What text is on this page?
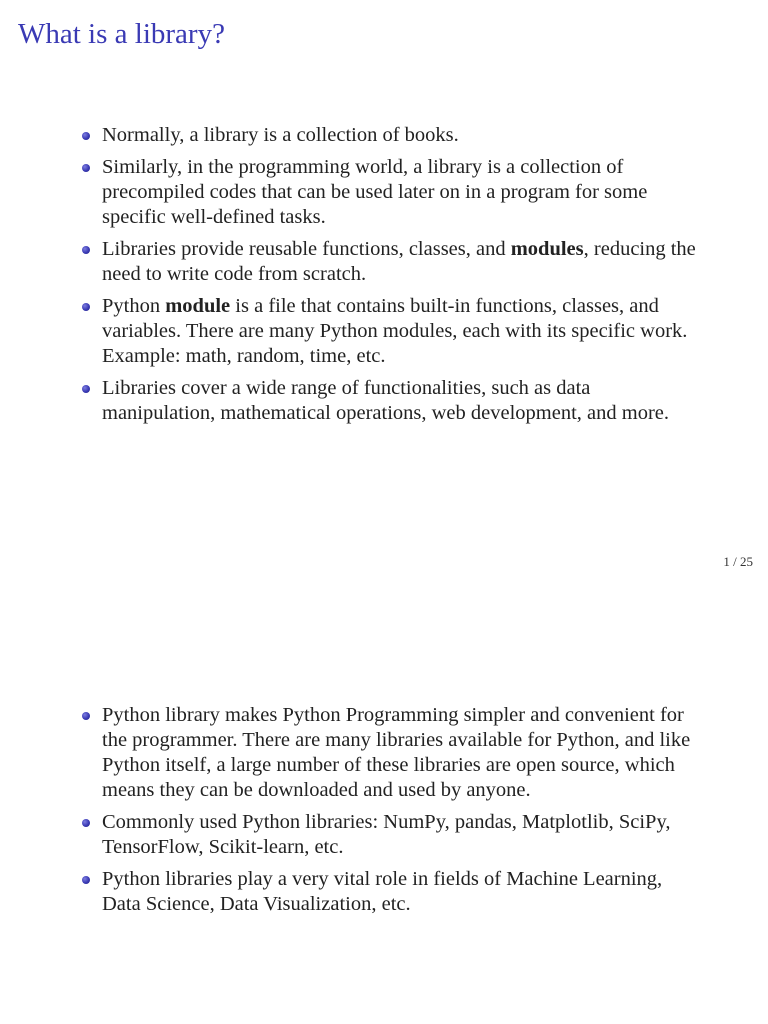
What is a library?
Normally, a library is a collection of books.
Similarly, in the programming world, a library is a collection of precompiled codes that can be used later on in a program for some specific well-defined tasks.
Libraries provide reusable functions, classes, and modules, reducing the need to write code from scratch.
Python module is a file that contains built-in functions, classes, and variables. There are many Python modules, each with its specific work. Example: math, random, time, etc.
Libraries cover a wide range of functionalities, such as data manipulation, mathematical operations, web development, and more.
1 / 25
Python library makes Python Programming simpler and convenient for the programmer. There are many libraries available for Python, and like Python itself, a large number of these libraries are open source, which means they can be downloaded and used by anyone.
Commonly used Python libraries: NumPy, pandas, Matplotlib, SciPy, TensorFlow, Scikit-learn, etc.
Python libraries play a very vital role in fields of Machine Learning, Data Science, Data Visualization, etc.
